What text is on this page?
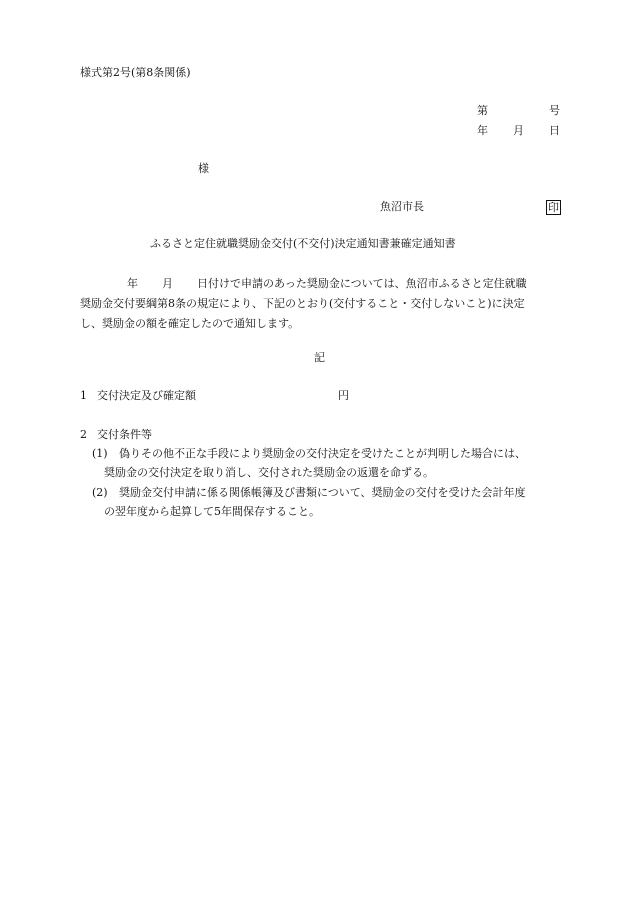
様式第2号(第8条関係)
第	号
年 月 日
様
魚沼市長	印
ふるさと定住就職奨励金交付(不交付)決定通知書兼確定通知書
年 月 日付けで申請のあった奨励金については、魚沼市ふるさと定住就職
奨励金交付要綱第8条の規定により、下記のとおり(交付すること・交付しないこと)に決定
し、奨励金の額を確定したので通知します。
記
1 交付決定及び確定額	円
2 交付条件等
(1) 偽りその他不正な手段により奨励金の交付決定を受けたことが判明した場合には、
奨励金の交付決定を取り消し、交付された奨励金の返還を命ずる。
(2) 奨励金交付申請に係る関係帳簿及び書類について、奨励金の交付を受けた会計年度
の翌年度から起算して5年間保存すること。
